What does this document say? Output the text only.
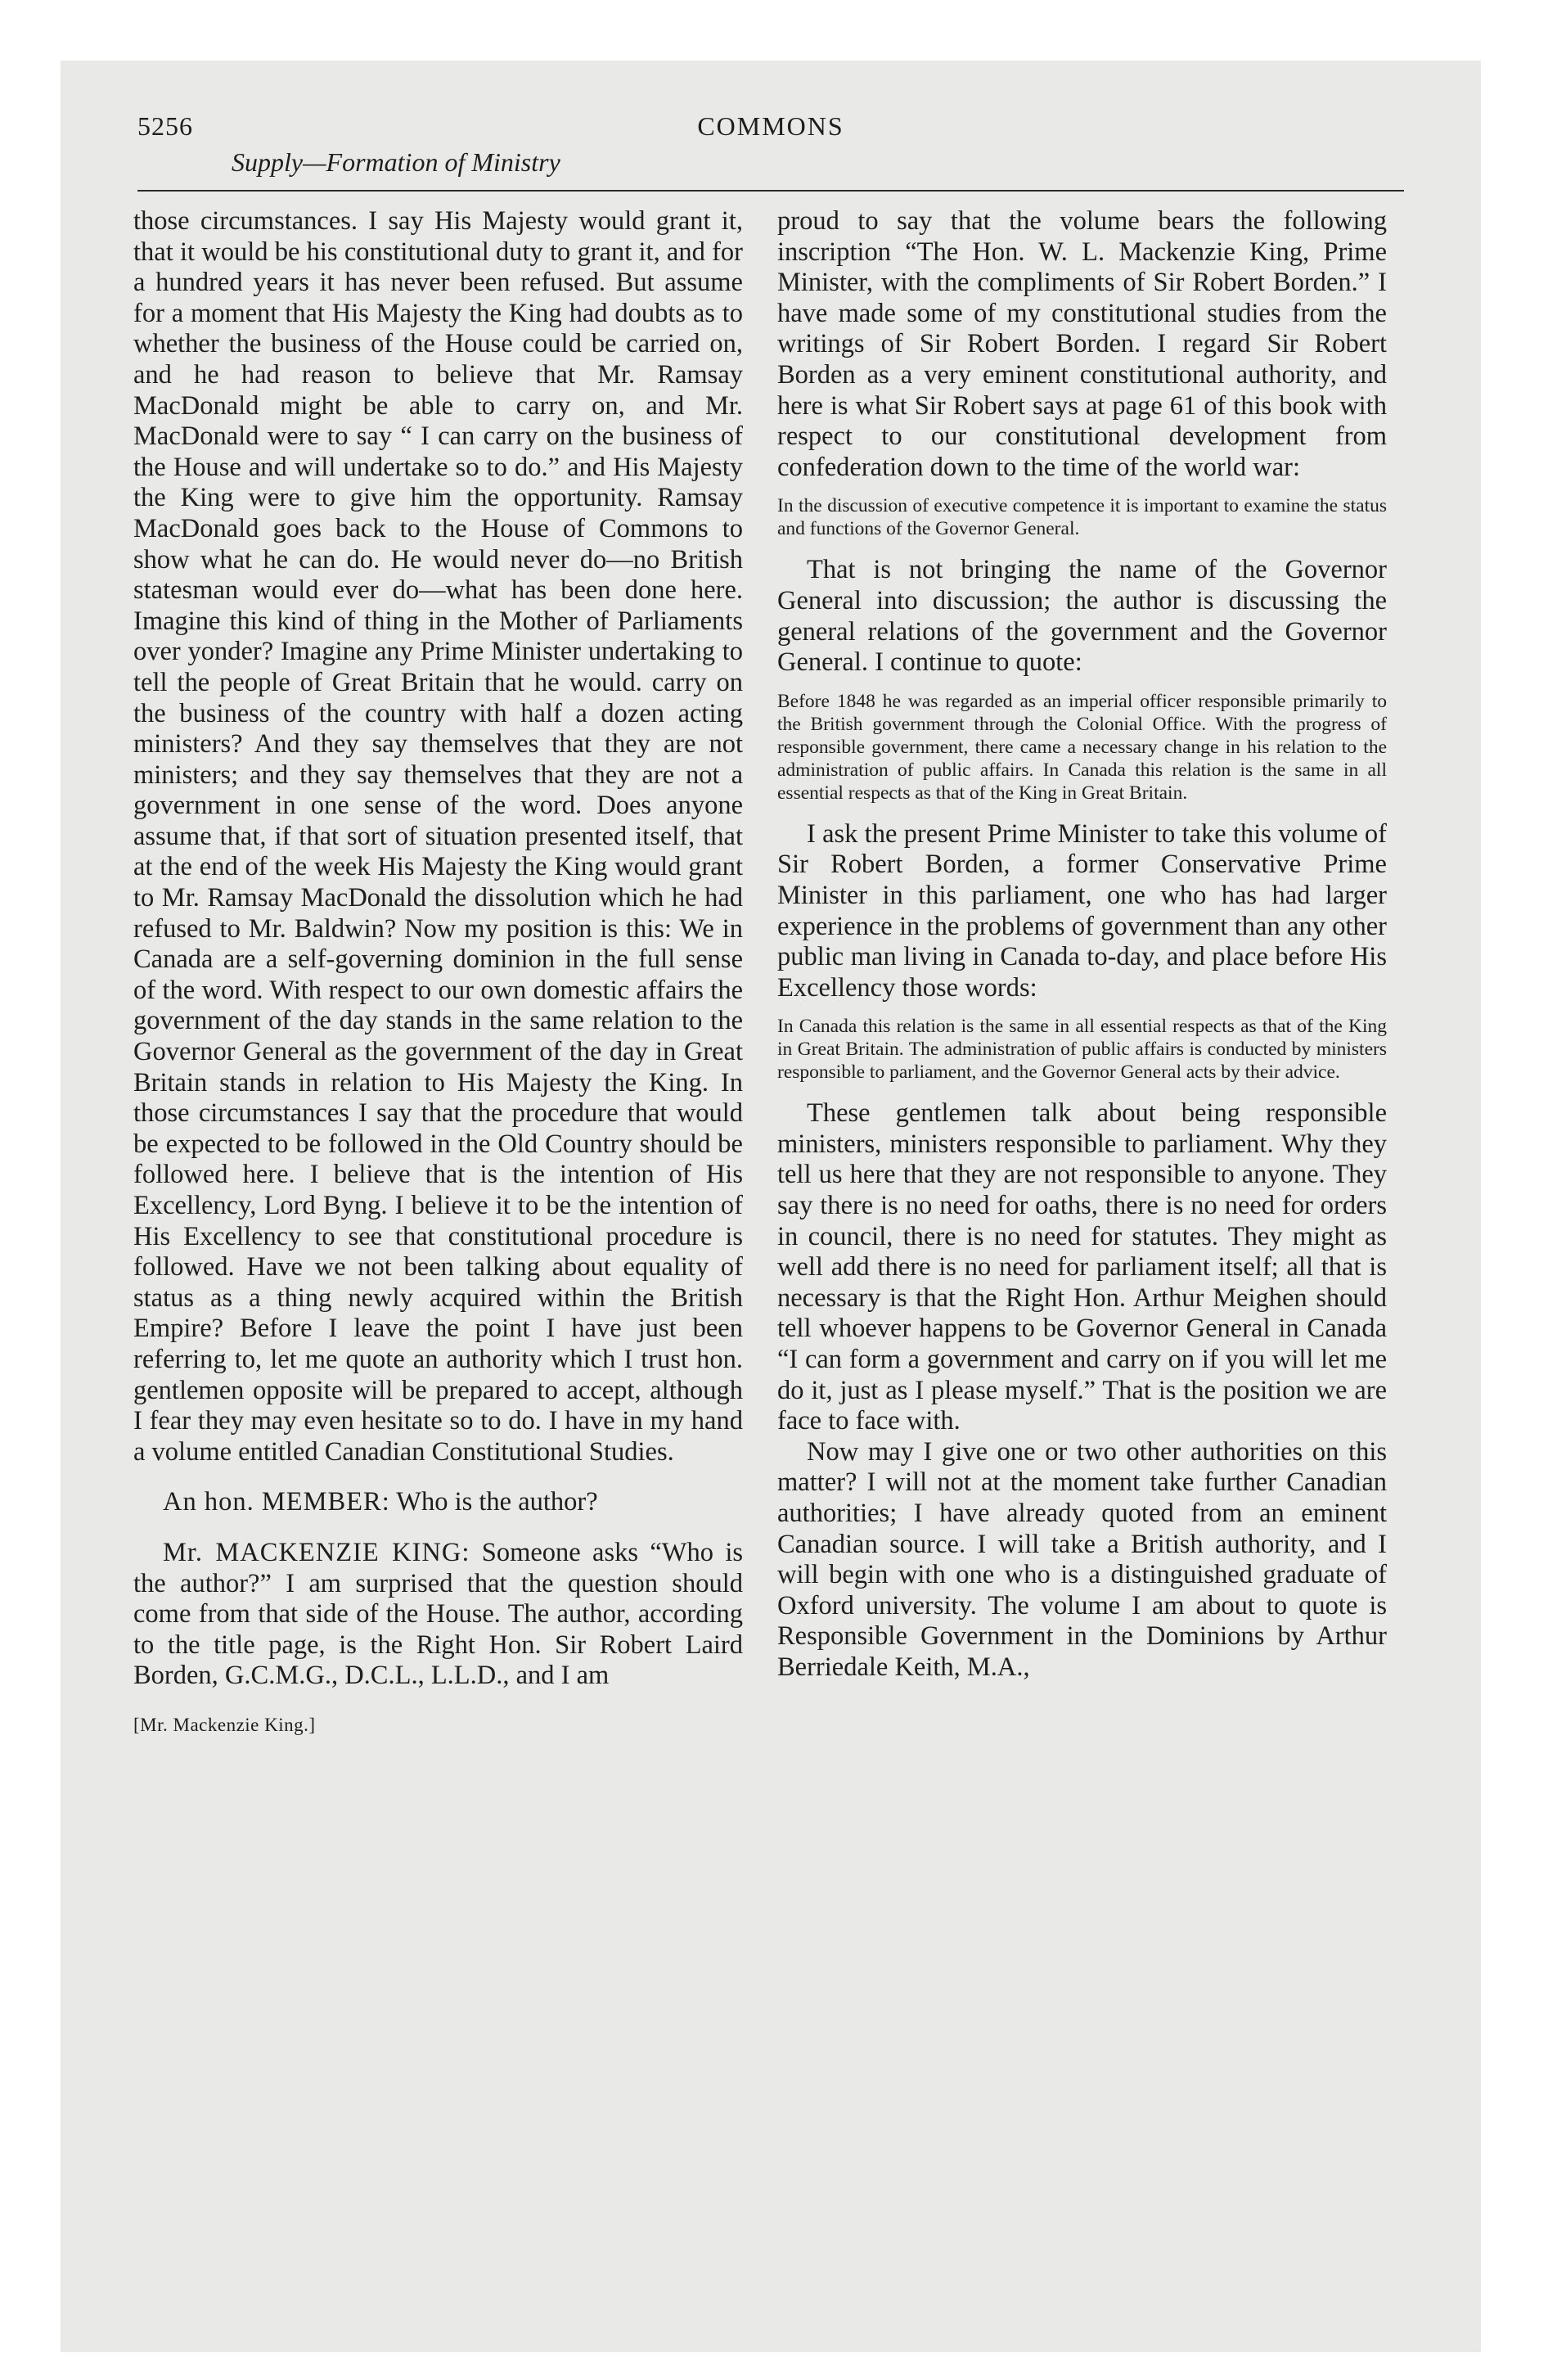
5256	COMMONS
Supply—Formation of Ministry

those circumstances. I say His Majesty would grant it, that it would be his constitutional duty to grant it, and for a hundred years it has never been refused. But assume for a moment that His Majesty the King had doubts as to whether the business of the House could be carried on, and he had reason to believe that Mr. Ramsay MacDonald might be able to carry on, and Mr. MacDonald were to say “ I can carry on the business of the House and will undertake so to do.” and His Majesty the King were to give him the opportunity. Ramsay MacDonald goes back to the House of Commons to show what he can do. He would never do—no British statesman would ever do—what has been done here. Imagine this kind of thing in the Mother of Parliaments over yonder? Imagine any Prime Minister undertaking to tell the people of Great Britain that he would. carry on the business of the country with half a dozen acting ministers? And they say themselves that they are not ministers; and they say themselves that they are not a government in one sense of the word. Does anyone assume that, if that sort of situation presented itself, that at the end of the week His Majesty the King would grant to Mr. Ramsay MacDonald the dissolution which he had refused to Mr. Baldwin? Now my position is this: We in Canada are a self-governing dominion in the full sense of the word. With respect to our own domestic affairs the government of the day stands in the same relation to the Governor General as the government of the day in Great Britain stands in relation to His Majesty the King. In those circumstances I say that the procedure that would be expected to be followed in the Old Country should be followed here. I believe that is the intention of His Excellency, Lord Byng. I believe it to be the intention of His Excellency to see that constitutional procedure is followed. Have we not been talking about equality of status as a thing newly acquired within the British Empire? Before I leave the point I have just been referring to, let me quote an authority which I trust hon. gentlemen opposite will be prepared to accept, although I fear they may even hesitate so to do. I have in my hand a volume entitled Canadian Constitutional Studies.

An hon. MEMBER: Who is the author?

Mr. MACKENZIE KING: Someone asks “Who is the author?” I am surprised that the question should come from that side of the House. The author, according to the title page, is the Right Hon. Sir Robert Laird Borden, G.C.M.G., D.C.L., L.L.D., and I am

[Mr. Mackenzie King.]

proud to say that the volume bears the following inscription “The Hon. W. L. Mackenzie King, Prime Minister, with the compliments of Sir Robert Borden.” I have made some of my constitutional studies from the writings of Sir Robert Borden. I regard Sir Robert Borden as a very eminent constitutional authority, and here is what Sir Robert says at page 61 of this book with respect to our constitutional development from confederation down to the time of the world war:

In the discussion of executive competence it is important to examine the status and functions of the Governor General.

That is not bringing the name of the Governor General into discussion; the author is discussing the general relations of the government and the Governor General. I continue to quote:

Before 1848 he was regarded as an imperial officer responsible primarily to the British government through the Colonial Office. With the progress of responsible government, there came a necessary change in his relation to the administration of public affairs. In Canada this relation is the same in all essential respects as that of the King in Great Britain.

I ask the present Prime Minister to take this volume of Sir Robert Borden, a former Conservative Prime Minister in this parliament, one who has had larger experience in the problems of government than any other public man living in Canada to-day, and place before His Excellency those words:

In Canada this relation is the same in all essential respects as that of the King in Great Britain. The administration of public affairs is conducted by ministers responsible to parliament, and the Governor General acts by their advice.

These gentlemen talk about being responsible ministers, ministers responsible to parliament. Why they tell us here that they are not responsible to anyone. They say there is no need for oaths, there is no need for orders in council, there is no need for statutes. They might as well add there is no need for parliament itself; all that is necessary is that the Right Hon. Arthur Meighen should tell whoever happens to be Governor General in Canada “I can form a government and carry on if you will let me do it, just as I please myself.” That is the position we are face to face with.

Now may I give one or two other authorities on this matter? I will not at the moment take further Canadian authorities; I have already quoted from an eminent Canadian source. I will take a British authority, and I will begin with one who is a distinguished graduate of Oxford university. The volume I am about to quote is Responsible Government in the Dominions by Arthur Berriedale Keith, M.A.,
